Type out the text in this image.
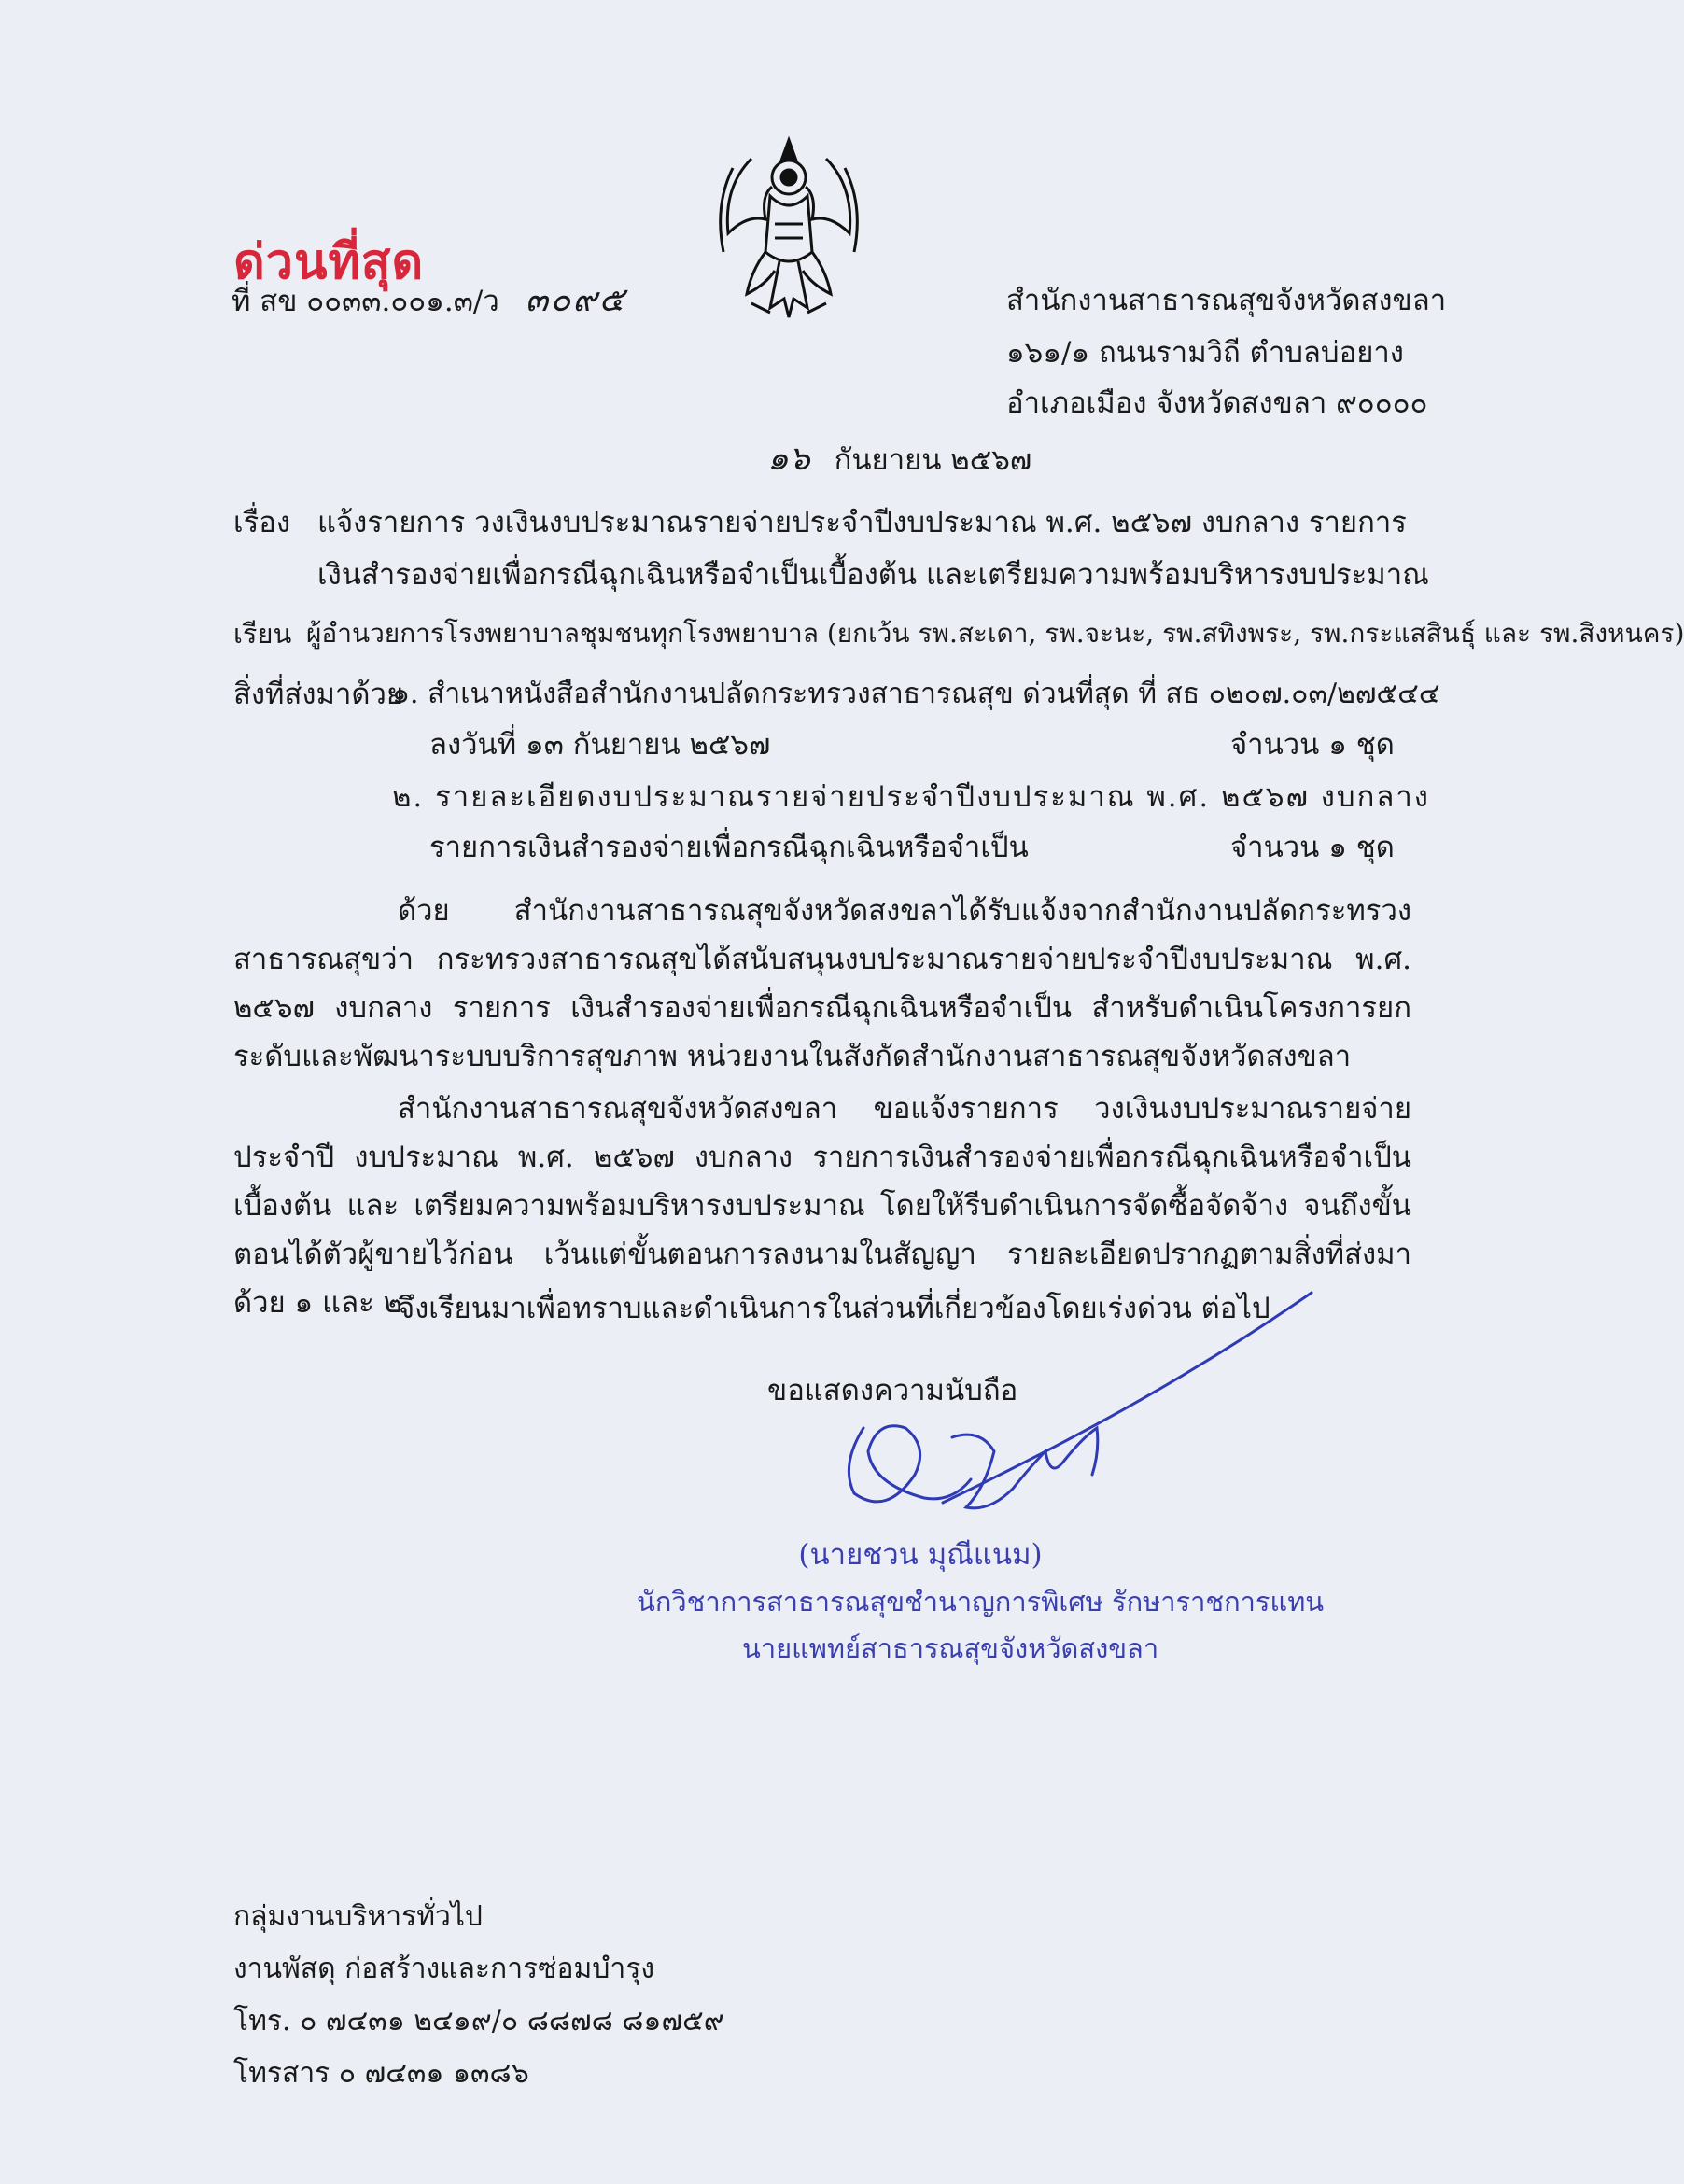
ด่วนที่สุด
ที่ สข ๐๐๓๓.๐๐๑.๓/ว ๓๐๙๕	สำนักงานสาธารณสุขจังหวัดสงขลา
๑๖๑/๑ ถนนรามวิถี ตำบลบ่อยาง
อำเภอเมือง จังหวัดสงขลา ๙๐๐๐๐
๑๖ กันยายน ๒๕๖๗
เรื่อง แจ้งรายการ วงเงินงบประมาณรายจ่ายประจำปีงบประมาณ พ.ศ. ๒๕๖๗ งบกลาง รายการ
เงินสำรองจ่ายเพื่อกรณีฉุกเฉินหรือจำเป็นเบื้องต้น และเตรียมความพร้อมบริหารงบประมาณ
เรียน ผู้อำนวยการโรงพยาบาลชุมชนทุกโรงพยาบาล (ยกเว้น รพ.สะเดา, รพ.จะนะ, รพ.สทิงพระ, รพ.กระแสสินธุ์ และ รพ.สิงหนคร)
สิ่งที่ส่งมาด้วย
๑. สำเนาหนังสือสำนักงานปลัดกระทรวงสาธารณสุข ด่วนที่สุด ที่ สธ ๐๒๐๗.๐๓/๒๗๕๔๔
ลงวันที่ ๑๓ กันยายน ๒๕๖๗	จำนวน ๑ ชุด
๒. รายละเอียดงบประมาณรายจ่ายประจำปีงบประมาณ พ.ศ. ๒๕๖๗ งบกลาง
รายการเงินสำรองจ่ายเพื่อกรณีฉุกเฉินหรือจำเป็น	จำนวน ๑ ชุด
ด้วย สำนักงานสาธารณสุขจังหวัดสงขลาได้รับแจ้งจากสำนักงานปลัดกระทรวงสาธารณสุขว่า กระทรวงสาธารณสุขได้สนับสนุนงบประมาณรายจ่ายประจำปีงบประมาณ พ.ศ. ๒๕๖๗ งบกลาง รายการ เงินสำรองจ่ายเพื่อกรณีฉุกเฉินหรือจำเป็น สำหรับดำเนินโครงการยกระดับและพัฒนาระบบบริการสุขภาพ หน่วยงานในสังกัดสำนักงานสาธารณสุขจังหวัดสงขลา
สำนักงานสาธารณสุขจังหวัดสงขลา ขอแจ้งรายการ วงเงินงบประมาณรายจ่ายประจำปี งบประมาณ พ.ศ. ๒๕๖๗ งบกลาง รายการเงินสำรองจ่ายเพื่อกรณีฉุกเฉินหรือจำเป็นเบื้องต้น และ เตรียมความพร้อมบริหารงบประมาณ โดยให้รีบดำเนินการจัดซื้อจัดจ้าง จนถึงขั้นตอนได้ตัวผู้ขายไว้ก่อน เว้นแต่ขั้นตอนการลงนามในสัญญา รายละเอียดปรากฏตามสิ่งที่ส่งมาด้วย ๑ และ ๒
จึงเรียนมาเพื่อทราบและดำเนินการในส่วนที่เกี่ยวข้องโดยเร่งด่วน ต่อไป
ขอแสดงความนับถือ
(นายชวน มุณีแนม)
นักวิชาการสาธารณสุขชำนาญการพิเศษ รักษาราชการแทน
นายแพทย์สาธารณสุขจังหวัดสงขลา
กลุ่มงานบริหารทั่วไป
งานพัสดุ ก่อสร้างและการซ่อมบำรุง
โทร. ๐ ๗๔๓๑ ๒๔๑๙/๐ ๘๘๗๘ ๘๑๗๕๙
โทรสาร ๐ ๗๔๓๑ ๑๓๘๖
